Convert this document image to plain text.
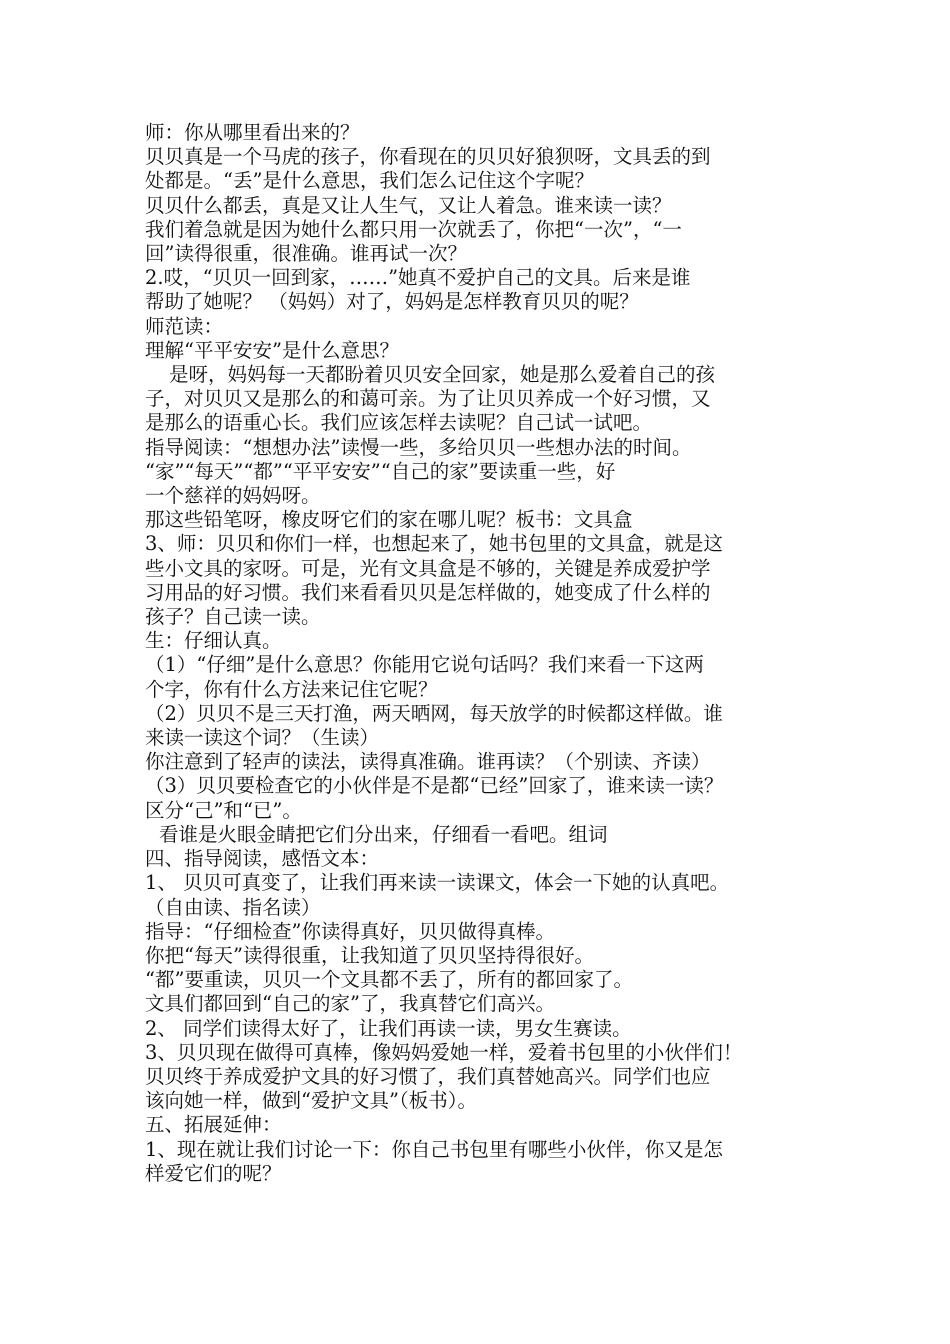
师：你从哪里看出来的？
贝贝真是一个马虎的孩子，你看现在的贝贝好狼狈呀，文具丢的到
处都是。“丢”是什么意思，我们怎么记住这个字呢？
贝贝什么都丢，真是又让人生气，又让人着急。谁来读一读？
我们着急就是因为她什么都只用一次就丢了，你把“一次”，“一
回”读得很重，很准确。谁再试一次？
2.哎，“贝贝一回到家，……”她真不爱护自己的文具。后来是谁
帮助了她呢？ （妈妈）对了，妈妈是怎样教育贝贝的呢？
师范读：
理解“平平安安”是什么意思？
是呀，妈妈每一天都盼着贝贝安全回家，她是那么爱着自己的孩
子，对贝贝又是那么的和蔼可亲。为了让贝贝养成一个好习惯，又
是那么的语重心长。我们应该怎样去读呢？自己试一试吧。
指导阅读：“想想办法”读慢一些，多给贝贝一些想办法的时间。
“家”“每天”“都”“平平安安”“自己的家”要读重一些，好
一个慈祥的妈妈呀。
那这些铅笔呀，橡皮呀它们的家在哪儿呢？板书：文具盒
3、师：贝贝和你们一样，也想起来了，她书包里的文具盒，就是这
些小文具的家呀。可是，光有文具盒是不够的，关键是养成爱护学
习用品的好习惯。我们来看看贝贝是怎样做的，她变成了什么样的
孩子？自己读一读。
生：仔细认真。
（1）“仔细”是什么意思？你能用它说句话吗？我们来看一下这两
个字，你有什么方法来记住它呢？
（2）贝贝不是三天打渔，两天晒网，每天放学的时候都这样做。谁
来读一读这个词？（生读）
你注意到了轻声的读法，读得真准确。谁再读？（个别读、齐读）
（3）贝贝要检查它的小伙伴是不是都“已经”回家了，谁来读一读？
区分“己”和“已”。
看谁是火眼金睛把它们分出来，仔细看一看吧。组词
四、指导阅读，感悟文本：
1、 贝贝可真变了，让我们再来读一读课文，体会一下她的认真吧。
（自由读、指名读）
指导：“仔细检查”你读得真好，贝贝做得真棒。
你把“每天”读得很重，让我知道了贝贝坚持得很好。
“都”要重读，贝贝一个文具都不丢了，所有的都回家了。
文具们都回到“自己的家”了，我真替它们高兴。
2、 同学们读得太好了，让我们再读一读，男女生赛读。
3、贝贝现在做得可真棒，像妈妈爱她一样，爱着书包里的小伙伴们！
贝贝终于养成爱护文具的好习惯了，我们真替她高兴。同学们也应
该向她一样，做到“爱护文具”（板书）。
五、拓展延伸：
1、现在就让我们讨论一下：你自己书包里有哪些小伙伴，你又是怎
样爱它们的呢？
